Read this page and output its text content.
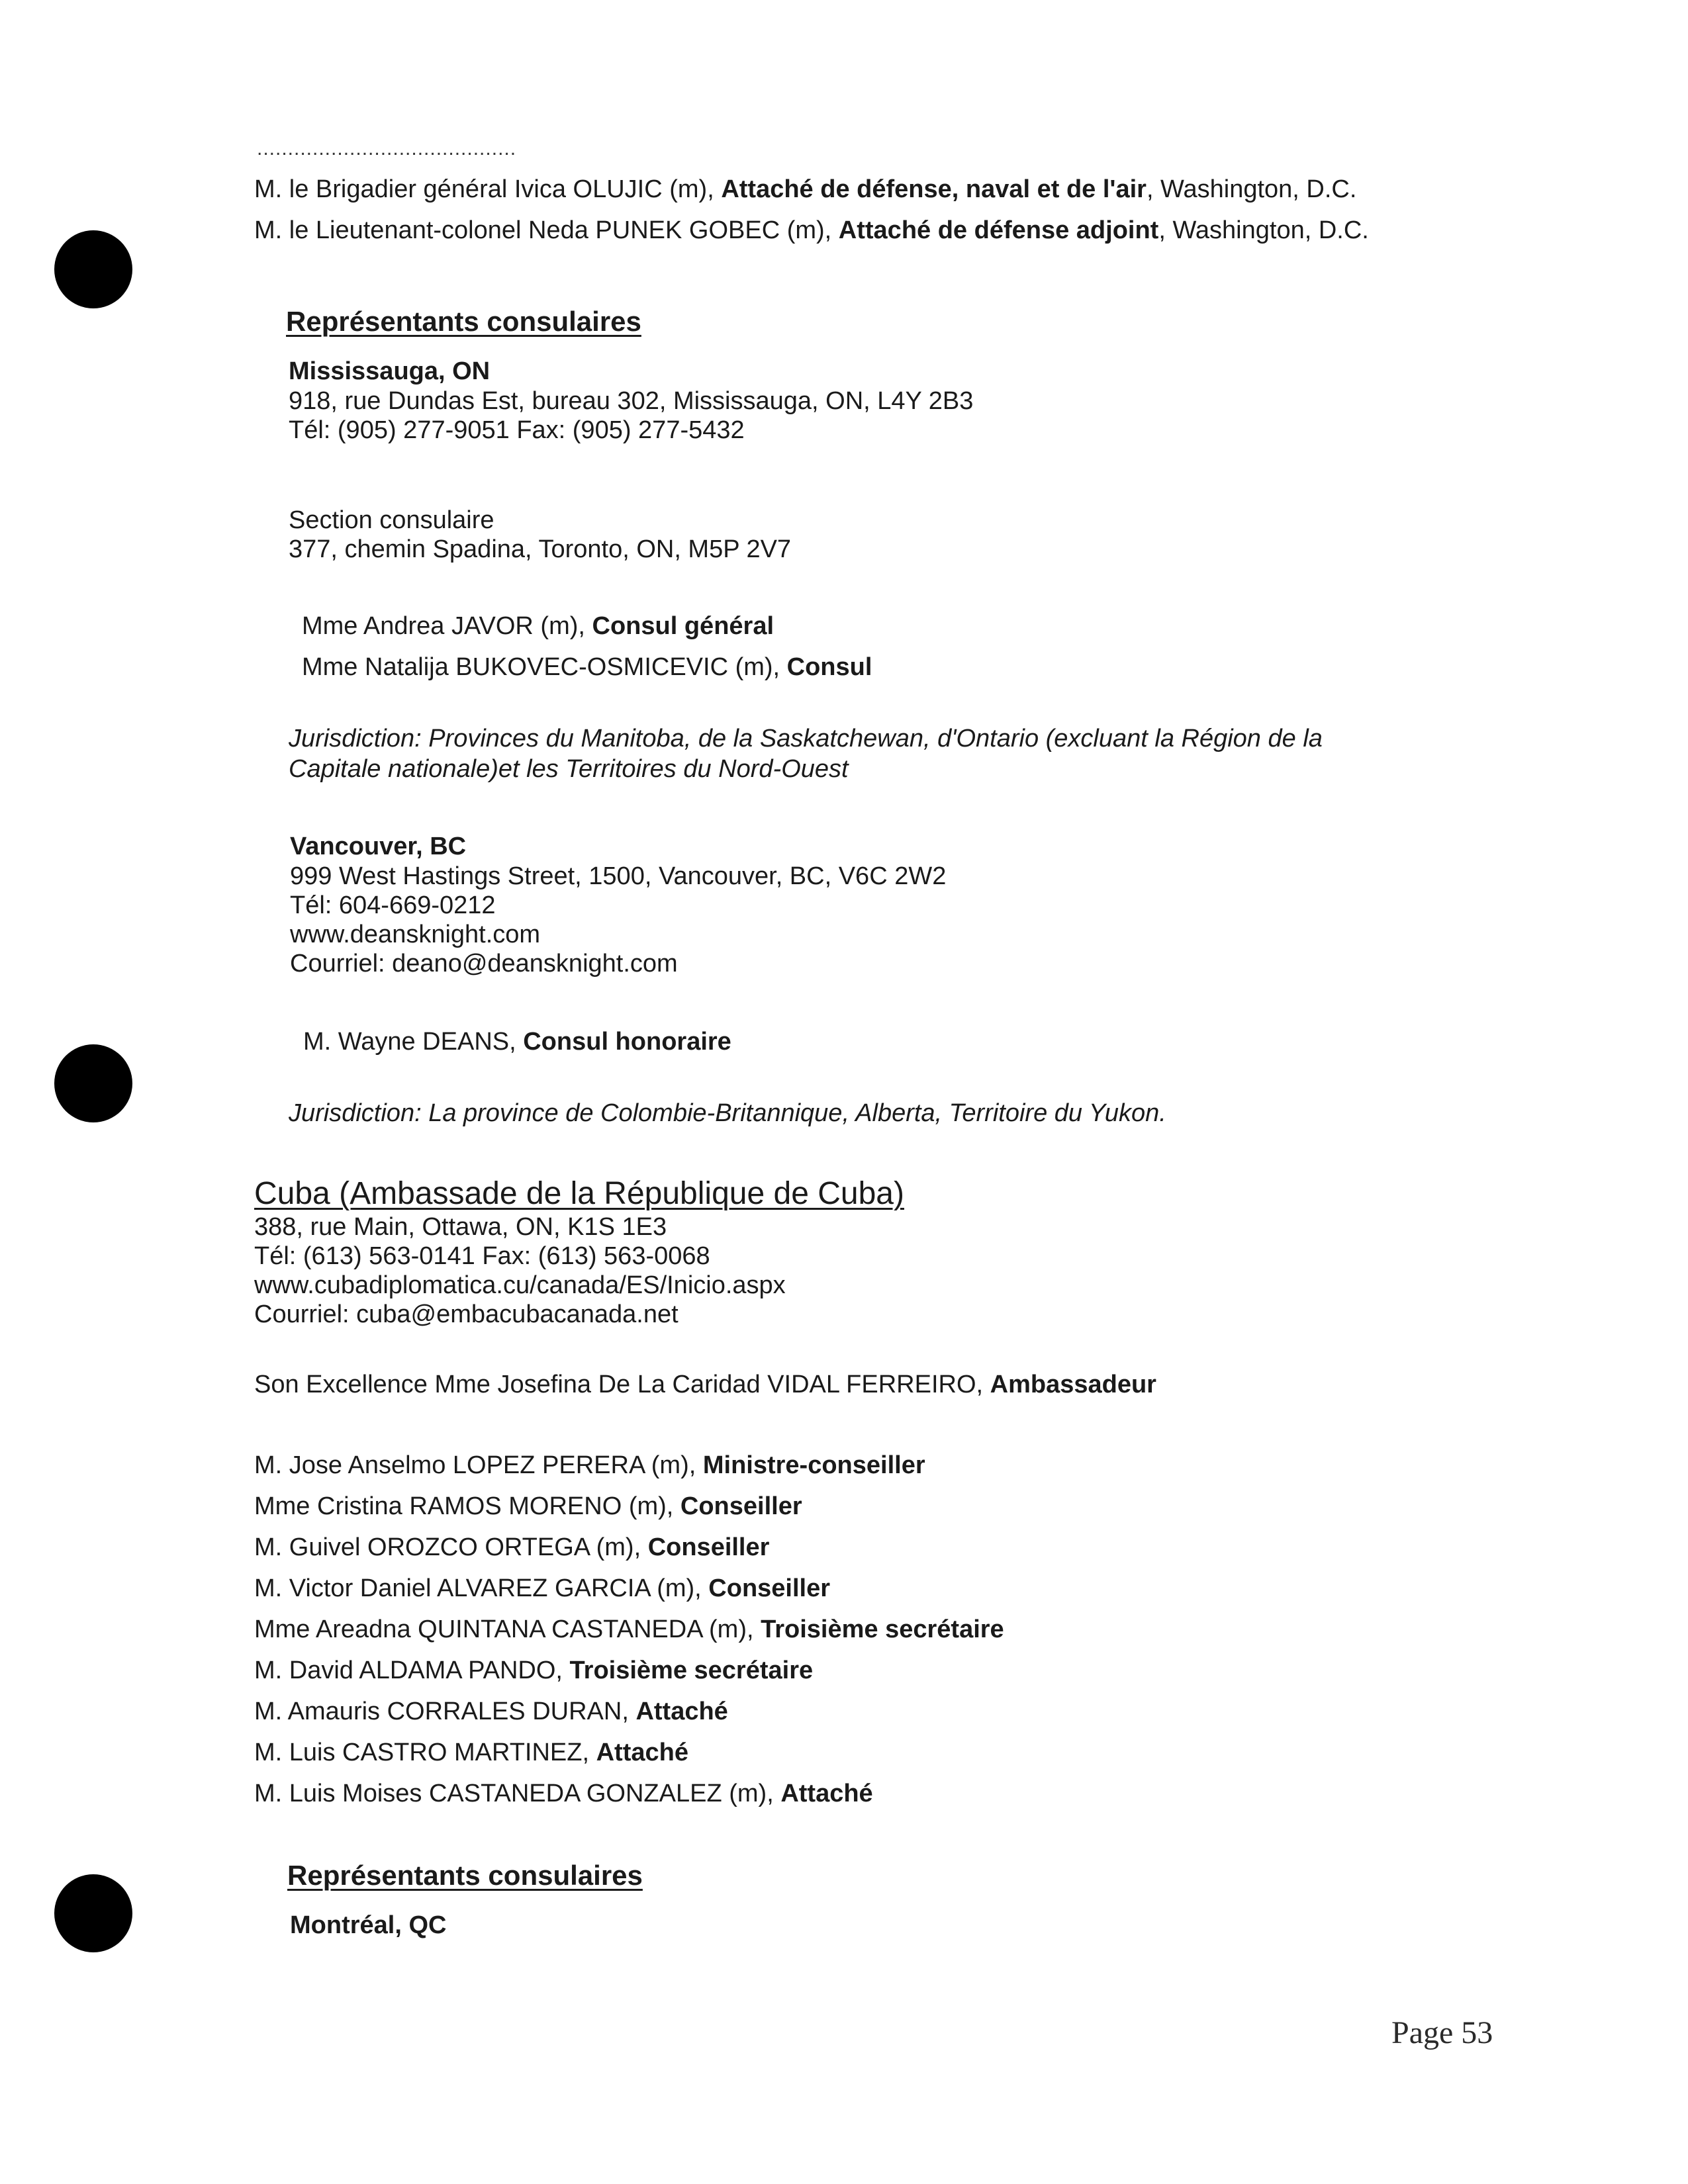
..........................................
M. le Brigadier général Ivica OLUJIC (m), Attaché de défense, naval et de l'air, Washington, D.C.
M. le Lieutenant-colonel Neda PUNEK GOBEC (m), Attaché de défense adjoint, Washington, D.C.
Représentants consulaires
Mississauga, ON
918, rue Dundas Est, bureau 302, Mississauga, ON, L4Y 2B3
Tél: (905) 277-9051 Fax: (905) 277-5432
Section consulaire
377, chemin Spadina, Toronto, ON, M5P 2V7
Mme Andrea JAVOR (m), Consul général
Mme Natalija BUKOVEC-OSMICEVIC (m), Consul
Jurisdiction: Provinces du Manitoba, de la Saskatchewan, d'Ontario (excluant la Région de la
Capitale nationale)et les Territoires du Nord-Ouest
Vancouver, BC
999 West Hastings Street, 1500, Vancouver, BC, V6C 2W2
Tél: 604-669-0212
www.deansknight.com
Courriel: deano@deansknight.com
M. Wayne DEANS, Consul honoraire
Jurisdiction: La province de Colombie-Britannique, Alberta, Territoire du Yukon.
Cuba (Ambassade de la République de Cuba)
388, rue Main, Ottawa, ON, K1S 1E3
Tél: (613) 563-0141 Fax: (613) 563-0068
www.cubadiplomatica.cu/canada/ES/Inicio.aspx
Courriel: cuba@embacubacanada.net
Son Excellence Mme Josefina De La Caridad VIDAL FERREIRO, Ambassadeur
M. Jose Anselmo LOPEZ PERERA (m), Ministre-conseiller
Mme Cristina RAMOS MORENO (m), Conseiller
M. Guivel OROZCO ORTEGA (m), Conseiller
M. Victor Daniel ALVAREZ GARCIA (m), Conseiller
Mme Areadna QUINTANA CASTANEDA (m), Troisième secrétaire
M. David ALDAMA PANDO, Troisième secrétaire
M. Amauris CORRALES DURAN, Attaché
M. Luis CASTRO MARTINEZ, Attaché
M. Luis Moises CASTANEDA GONZALEZ (m), Attaché
Représentants consulaires
Montréal, QC
Page 53
